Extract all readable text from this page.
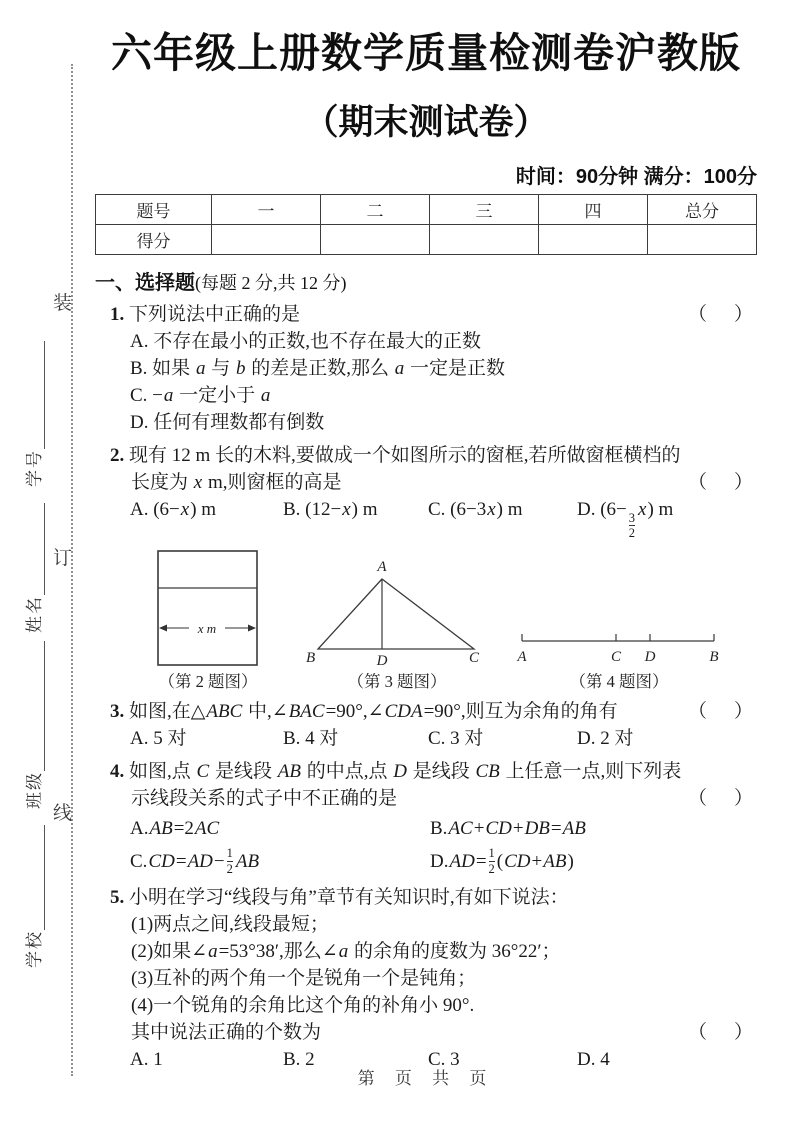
装
订
线
学校
班级
姓名
学号
六年级上册数学质量检测卷沪教版
（期末测试卷）
时间：90分钟 满分：100分
题号	一	二	三	四	总分
得分					
一、选择题(每题 2 分,共 12 分)
1. 下列说法中正确的是	（　）
A. 不存在最小的正数,也不存在最大的正数
B. 如果 a 与 b 的差是正数,那么 a 一定是正数
C. −a 一定小于 a
D. 任何有理数都有倒数
2. 现有 12 m 长的木料,要做成一个如图所示的窗框,若所做窗框横档的长度为 x m,则窗框的高是	（　）
A. (6−x) m	B. (12−x) m	C. (6−3x) m	D. (6−
$\frac{3}{2}$
x) m
x m
（第 2 题图）
A
B	D	C
（第 3 题图）
A	C D	B
（第 4 题图）
3. 如图,在△ABC 中,∠BAC=90°,∠CDA=90°,则互为余角的角有	（　）
A. 5 对	B. 4 对	C. 3 对	D. 2 对
4. 如图,点 C 是线段 AB 的中点,点 D 是线段 CB 上任意一点,则下列表示线段关系的式子中不正确的是	（　）
A. AB =2 AC	B. AC + CD + DB = AB
C. CD = AD − 1
2 AB	D. AD = 1
2 ( CD + AB )
5. 小明在学习“线段与角”章节有关知识时,有如下说法：
(1)两点之间,线段最短；
(2)如果∠a=53°38′,那么∠a 的余角的度数为 36°22′；
(3)互补的两个角一个是锐角一个是钝角；
(4)一个锐角的余角比这个角的补角小 90°.
其中说法正确的个数为	（　）
A. 1	B. 2	C. 3	D. 4
第 页 共 页
